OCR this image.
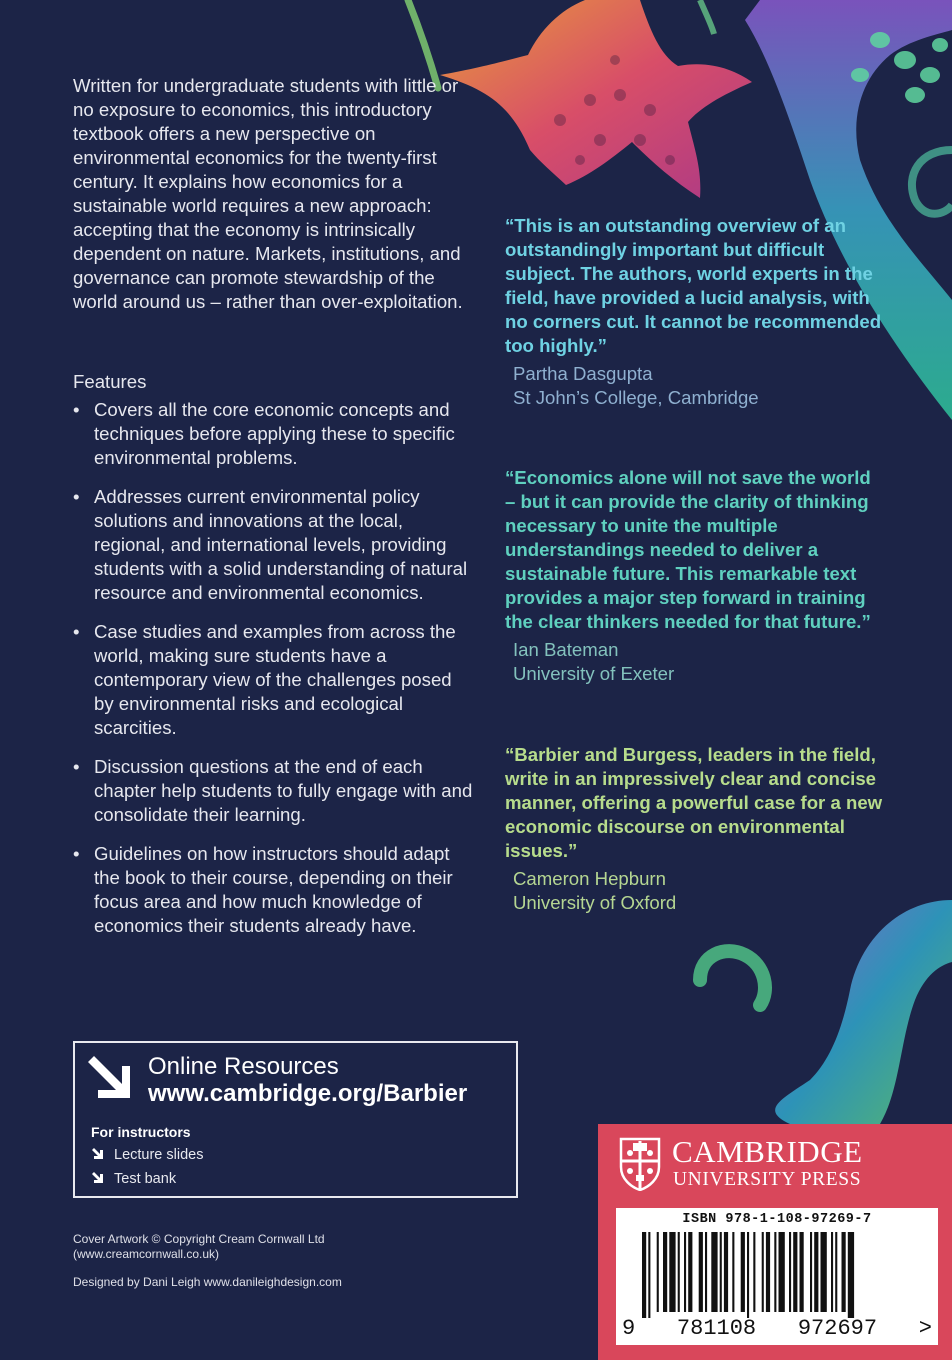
Written for undergraduate students with little or no exposure to economics, this introductory textbook offers a new perspective on environmental economics for the twenty-first century. It explains how economics for a sustainable world requires a new approach: accepting that the economy is intrinsically dependent on nature. Markets, institutions, and governance can promote stewardship of the world around us – rather than over-exploitation.

Features
• Covers all the core economic concepts and techniques before applying these to specific environmental problems.
• Addresses current environmental policy solutions and innovations at the local, regional, and international levels, providing students with a solid understanding of natural resource and environmental economics.
• Case studies and examples from across the world, making sure students have a contemporary view of the challenges posed by environmental risks and ecological scarcities.
• Discussion questions at the end of each chapter help students to fully engage with and consolidate their learning.
• Guidelines on how instructors should adapt the book to their course, depending on their focus area and how much knowledge of economics their students already have.

“This is an outstanding overview of an outstandingly important but difficult subject. The authors, world experts in the field, have provided a lucid analysis, with no corners cut. It cannot be recommended too highly.”

Partha Dasgupta

St John’s College, Cambridge

“Economics alone will not save the world – but it can provide the clarity of thinking necessary to unite the multiple understandings needed to deliver a sustainable future. This remarkable text provides a major step forward in training the clear thinkers needed for that future.”

Ian Bateman

University of Exeter

“Barbier and Burgess, leaders in the field, write in an impressively clear and concise manner, offering a powerful case for a new economic discourse on environmental issues.”

Cameron Hepburn

University of Oxford

Online Resources
www.cambridge.org/Barbier
For instructors
Lecture slides
Test bank
Cover Artwork © Copyright Cream Cornwall Ltd
(www.creamcornwall.co.uk)
Designed by Dani Leigh www.danileighdesign.com
CAMBRIDGE
UNIVERSITY PRESS
ISBN 978-1-108-97269-7
9 781108 972697 >
